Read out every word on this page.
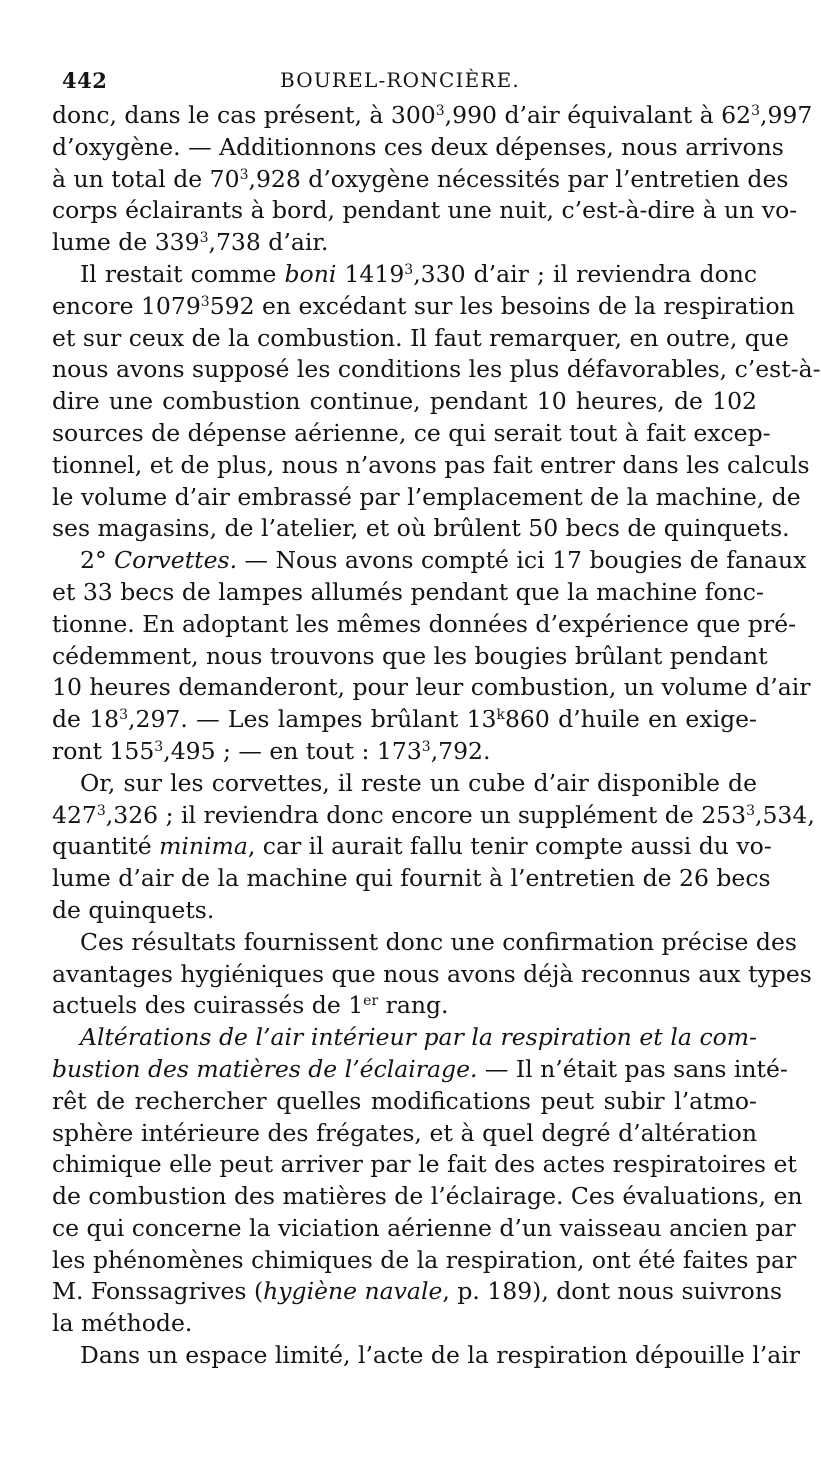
442	BOUREL-RONCIÈRE.
donc, dans le cas présent, à $300^3,990$ d’air équivalant à $62^3,997$
d’oxygène. — Additionnons ces deux dépenses, nous arrivons
à un total de $70^3,928$ d’oxygène nécessités par l’entretien des
corps éclairants à bord, pendant une nuit, c’est-à-dire à un vo-
lume de $339^3,738$ d’air.
Il restait comme boni 1419$^3$,330 d’air ; il reviendra donc
encore 1079$^3$592 en excédant sur les besoins de la respiration
et sur ceux de la combustion. Il faut remarquer, en outre, que
nous avons supposé les conditions les plus défavorables, c’est-à-
dire une combustion continue, pendant 10 heures, de 102
sources de dépense aérienne, ce qui serait tout à fait excep-
tionnel, et de plus, nous n’avons pas fait entrer dans les calculs
le volume d’air embrassé par l’emplacement de la machine, de
ses magasins, de l’atelier, et où brûlent 50 becs de quinquets.
2° Corvettes. — Nous avons compté ici 17 bougies de fanaux
et 33 becs de lampes allumés pendant que la machine fonc-
tionne. En adoptant les mêmes données d’expérience que pré-
cédemment, nous trouvons que les bougies brûlant pendant
10 heures demanderont, pour leur combustion, un volume d’air
de $18^3,297$. — Les lampes brûlant 13$^k$860 d’huile en exige-
ront $155^3,495$ ; — en tout : $173^3,792$.
Or, sur les corvettes, il reste un cube d’air disponible de
$427^3,326$ ; il reviendra donc encore un supplément de $253^3,534$,
quantité minima, car il aurait fallu tenir compte aussi du vo-
lume d’air de la machine qui fournit à l’entretien de 26 becs
de quinquets.
Ces résultats fournissent donc une confirmation précise des
avantages hygiéniques que nous avons déjà reconnus aux types
actuels des cuirassés de 1er rang.
Altérations de l’air intérieur par la respiration et la com-
bustion des matières de l’éclairage. — Il n’était pas sans inté-
rêt de rechercher quelles modifications peut subir l’atmo-
sphère intérieure des frégates, et à quel degré d’altération
chimique elle peut arriver par le fait des actes respiratoires et
de combustion des matières de l’éclairage. Ces évaluations, en
ce qui concerne la viciation aérienne d’un vaisseau ancien par
les phénomènes chimiques de la respiration, ont été faites par
M. Fonssagrives (hygiène navale, p. 189), dont nous suivrons
la méthode.
Dans un espace limité, l’acte de la respiration dépouille l’air
